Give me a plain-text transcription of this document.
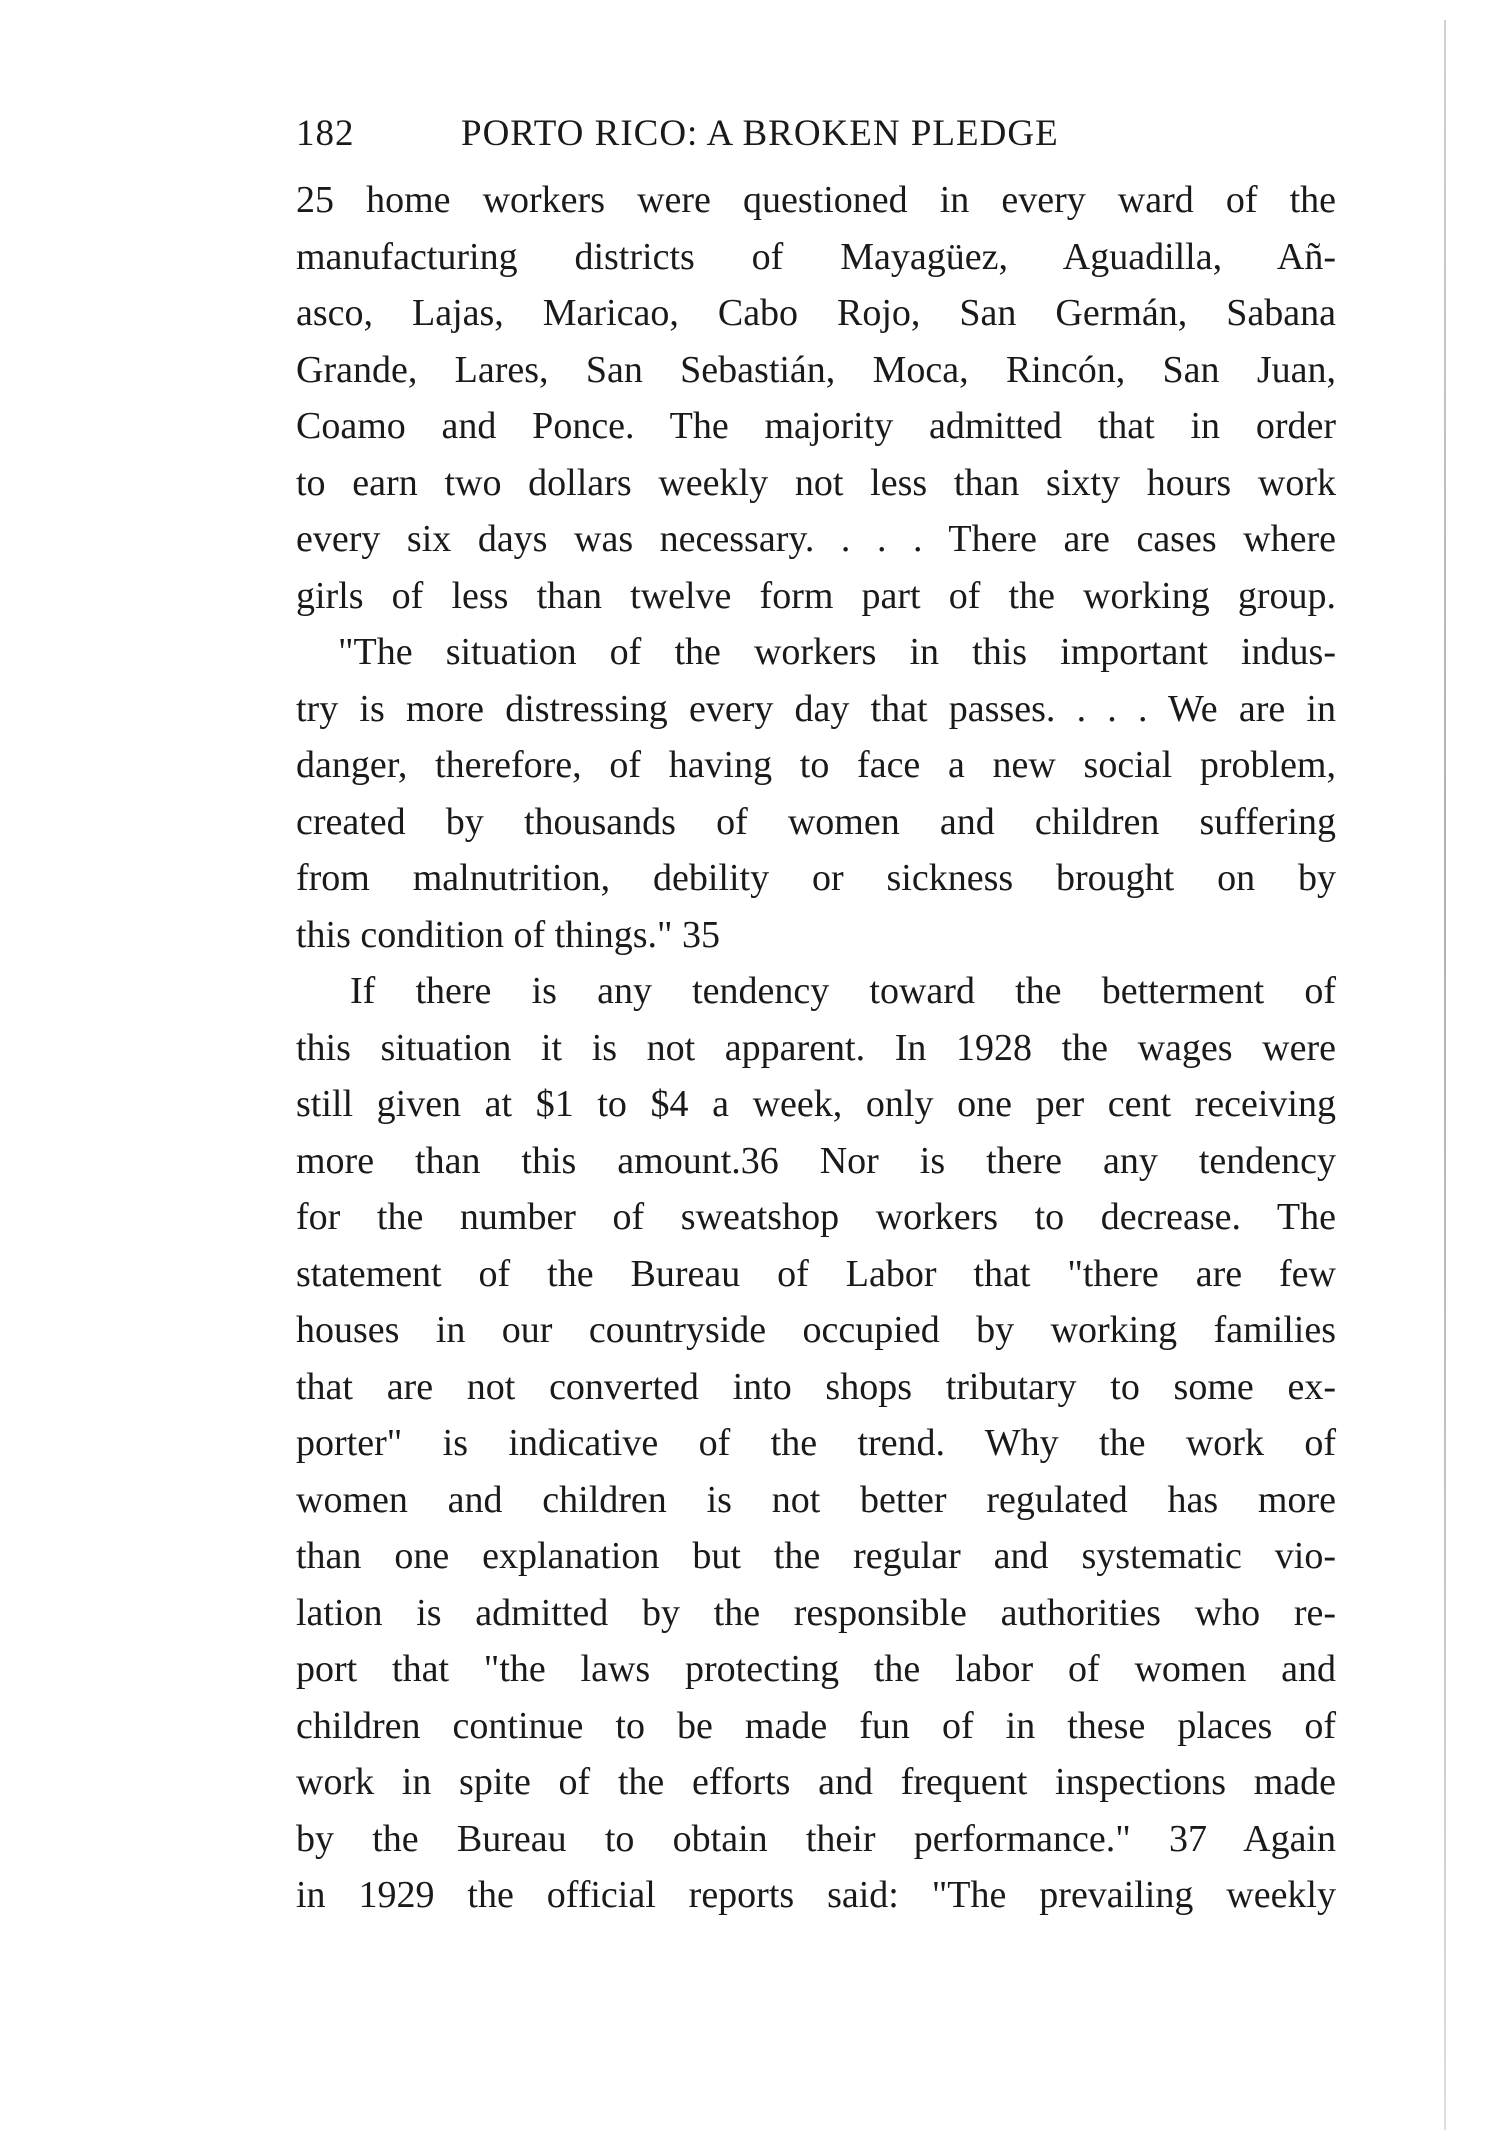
182	PORTO RICO: A BROKEN PLEDGE
25 home workers were questioned in every ward of the
manufacturing districts of Mayagüez, Aguadilla, Añ-
asco, Lajas, Maricao, Cabo Rojo, San Germán, Sabana
Grande, Lares, San Sebastián, Moca, Rincón, San Juan,
Coamo and Ponce. The majority admitted that in order
to earn two dollars weekly not less than sixty hours work
every six days was necessary. . . . There are cases where
girls of less than twelve form part of the working group.
"The situation of the workers in this important indus-
try is more distressing every day that passes. . . . We are in
danger, therefore, of having to face a new social problem,
created by thousands of women and children suffering
from malnutrition, debility or sickness brought on by
this condition of things." 35
If there is any tendency toward the betterment of
this situation it is not apparent. In 1928 the wages were
still given at $1 to $4 a week, only one per cent receiving
more than this amount.36 Nor is there any tendency
for the number of sweatshop workers to decrease. The
statement of the Bureau of Labor that "there are few
houses in our countryside occupied by working families
that are not converted into shops tributary to some ex-
porter" is indicative of the trend. Why the work of
women and children is not better regulated has more
than one explanation but the regular and systematic vio-
lation is admitted by the responsible authorities who re-
port that "the laws protecting the labor of women and
children continue to be made fun of in these places of
work in spite of the efforts and frequent inspections made
by the Bureau to obtain their performance." 37 Again
in 1929 the official reports said: "The prevailing weekly
